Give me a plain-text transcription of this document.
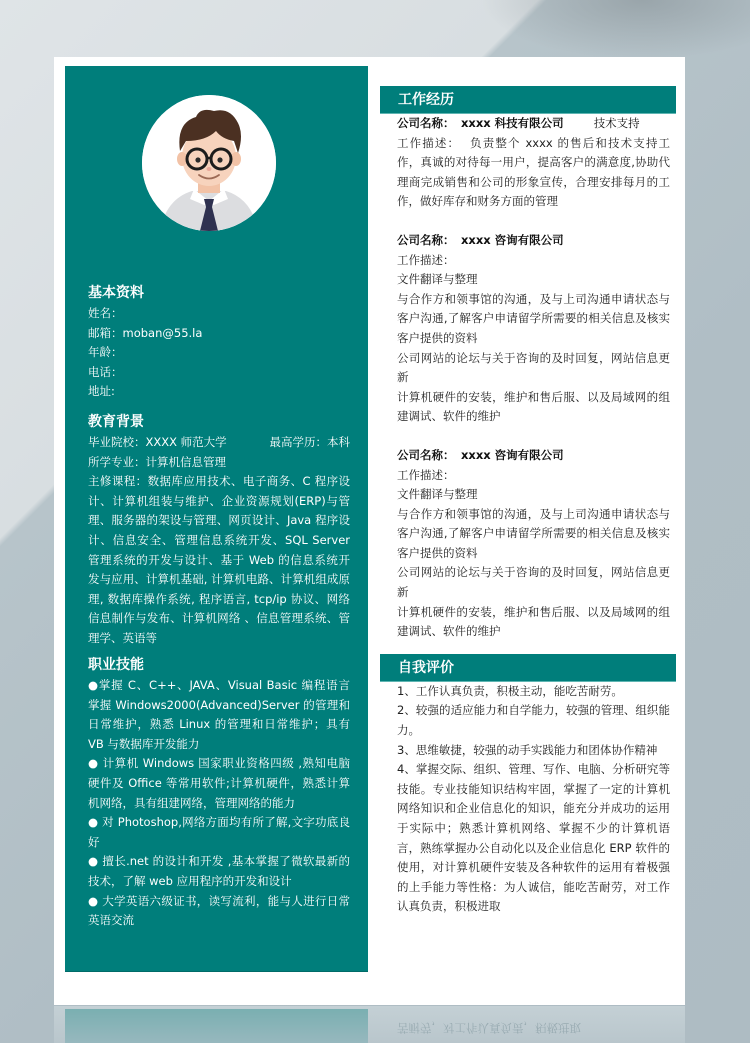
基本资料
姓名：
邮箱：moban@55.la
年龄：
电话：
地址:
教育背景
毕业院校：XXXX 师范大学	最高学历：本科
所学专业：计算机信息管理
主修课程：数据库应用技术、电子商务、C 程序设计、计算机组装与维护、企业资源规划(ERP)与管理、服务器的架设与管理、网页设计、Java 程序设计、信息安全、管理信息系统开发、SQL Server 管理系统的开发与设计、基于 Web 的信息系统开发与应用、计算机基础, 计算机电路、计算机组成原理, 数据库操作系统, 程序语言, tcp/ip 协议、网络信息制作与发布、计算机网络 、信息管理系统、管理学、英语等
职业技能
●掌握 C、C++、JAVA、Visual Basic 编程语言 掌握 Windows2000(Advanced)Server 的管理和日常维护，熟悉 Linux 的管理和日常维护；具有 VB 与数据库开发能力
● 计算机 Windows 国家职业资格四级 ,熟知电脑硬件及 Office 等常用软件;计算机硬件，熟悉计算机网络，具有组建网络，管理网络的能力
● 对 Photoshop,网络方面均有所了解,文字功底良好
● 擅长.net 的设计和开发 ,基本掌握了微软最新的技术，了解 web 应用程序的开发和设计
● 大学英语六级证书，读写流利，能与人进行日常英语交流
工作经历
公司名称： xxxx 科技有限公司	技术支持
工作描述： 负责整个 xxxx 的售后和技术支持工作，真诚的对待每一用户，提高客户的满意度,协助代理商完成销售和公司的形象宣传，合理安排每月的工作，做好库存和财务方面的管理
公司名称： xxxx 咨询有限公司
工作描述：
文件翻译与整理
与合作方和领事馆的沟通，及与上司沟通申请状态与客户沟通,了解客户申请留学所需要的相关信息及核实客户提供的资料
公司网站的论坛与关于咨询的及时回复，网站信息更新
计算机硬件的安装，维护和售后服、以及局域网的组建调试、软件的维护
公司名称： xxxx 咨询有限公司
工作描述：
文件翻译与整理
与合作方和领事馆的沟通，及与上司沟通申请状态与客户沟通,了解客户申请留学所需要的相关信息及核实客户提供的资料
公司网站的论坛与关于咨询的及时回复，网站信息更新
计算机硬件的安装，维护和售后服、以及局域网的组建调试、软件的维护
自我评价
1、工作认真负责，积极主动，能吃苦耐劳。
2、较强的适应能力和自学能力，较强的管理、组织能力。
3、思维敏捷，较强的动手实践能力和团体协作精神
4、掌握交际、组织、管理、写作、电脑、分析研究等技能。专业技能知识结构牢固，掌握了一定的计算机网络知识和企业信息化的知识，能充分并成功的运用于实际中；熟悉计算机网络、掌握不少的计算机语言，熟练掌握办公自动化以及企业信息化 ERP 软件的使用，对计算机硬件安装及各种软件的运用有着极强的上手能力等性格：为人诚信，能吃苦耐劳，对工作认真负责，积极进取
苦耐劳，对工作认真负责，积极进取
